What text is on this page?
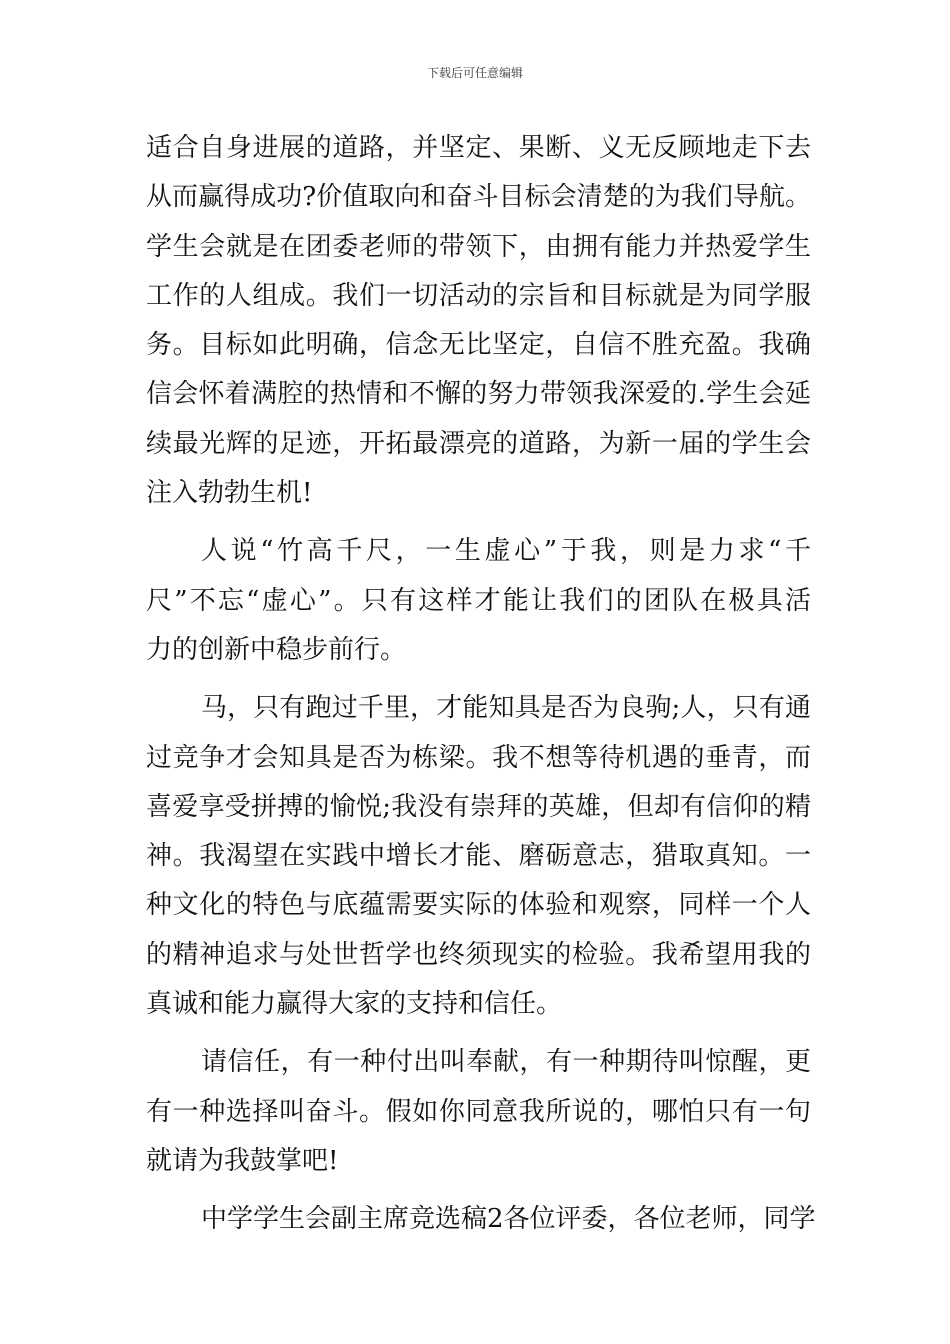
下载后可任意编辑
适合自身进展的道路，并坚定、果断、义无反顾地走下去
从而赢得成功?价值取向和奋斗目标会清楚的为我们导航。
学生会就是在团委老师的带领下，由拥有能力并热爱学生
工作的人组成。我们一切活动的宗旨和目标就是为同学服
务。目标如此明确，信念无比坚定，自信不胜充盈。我确
信会怀着满腔的热情和不懈的努力带领我深爱的.学生会延
续最光辉的足迹，开拓最漂亮的道路，为新一届的学生会
注入勃勃生机!
人说“竹高千尺，一生虚心”于我，则是力求“千
尺”不忘“虚心”。只有这样才能让我们的团队在极具活
力的创新中稳步前行。
马，只有跑过千里，才能知具是否为良驹;人，只有通
过竞争才会知具是否为栋梁。我不想等待机遇的垂青，而
喜爱享受拼搏的愉悦;我没有崇拜的英雄，但却有信仰的精
神。我渴望在实践中增长才能、磨砺意志，猎取真知。一
种文化的特色与底蕴需要实际的体验和观察，同样一个人
的精神追求与处世哲学也终须现实的检验。我希望用我的
真诚和能力赢得大家的支持和信任。
请信任，有一种付出叫奉献，有一种期待叫惊醒，更
有一种选择叫奋斗。假如你同意我所说的，哪怕只有一句
就请为我鼓掌吧!
中学学生会副主席竞选稿2各位评委，各位老师，同学
